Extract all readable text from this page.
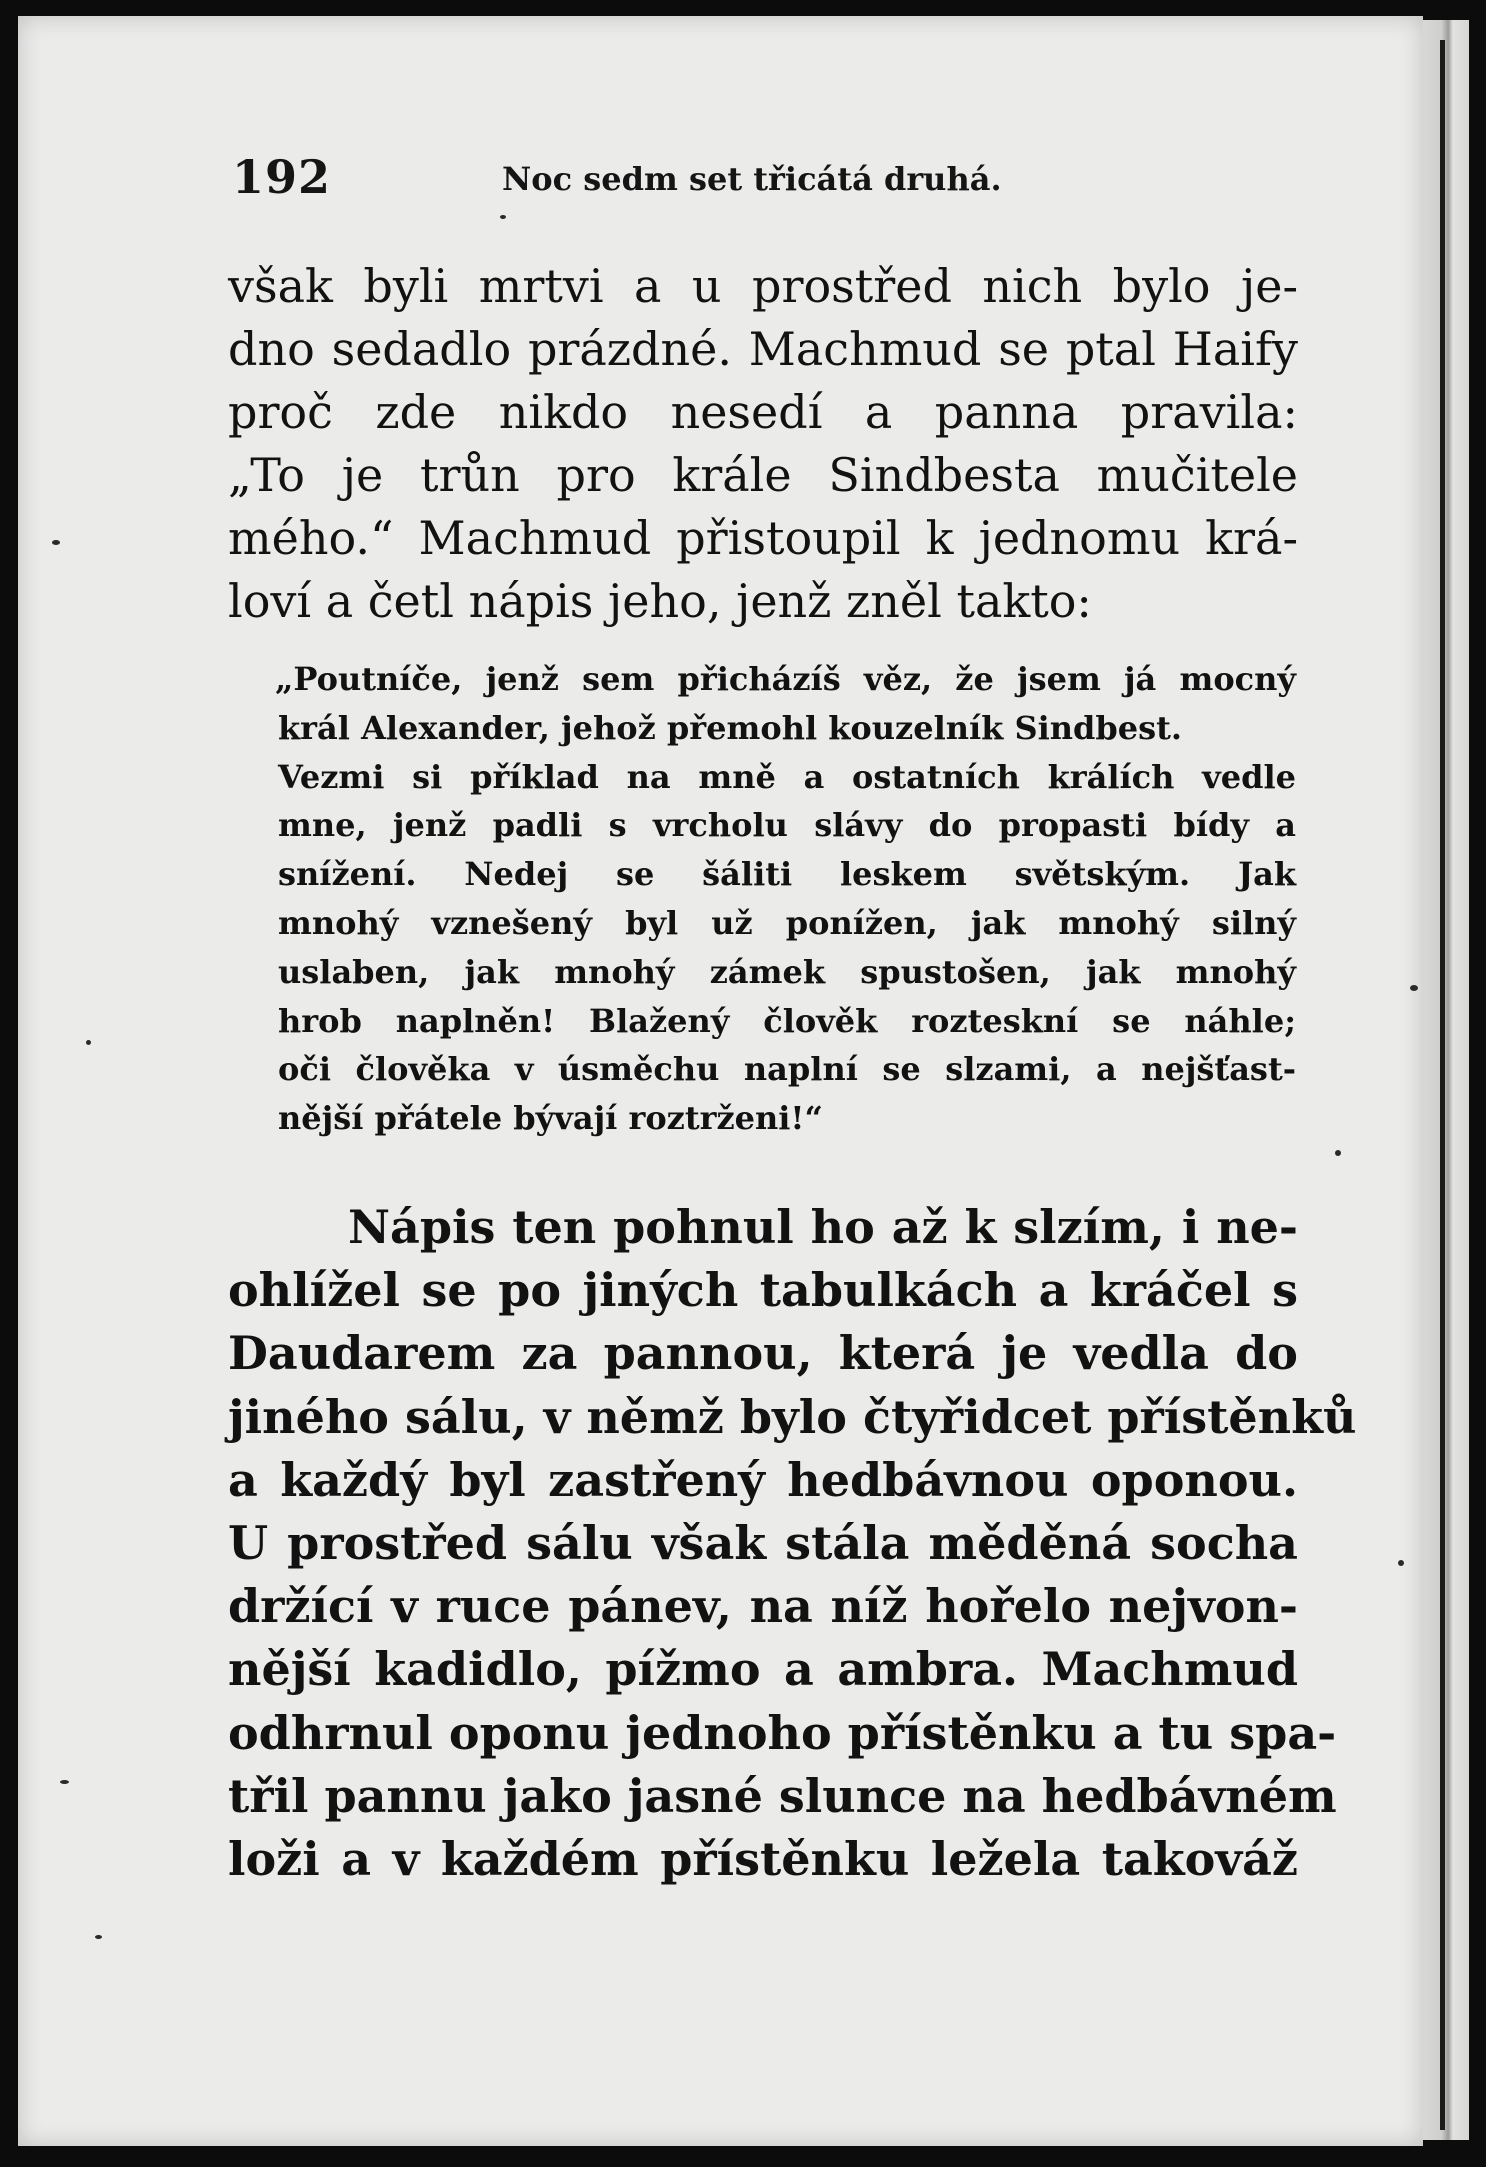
192	Noc sedm set třicátá druhá.
však byli mrtvi a u prostřed nich bylo je-
dno sedadlo prázdné. Machmud se ptal Haify
proč zde nikdo nesedí a panna pravila:
„To je trůn pro krále Sindbesta mučitele
mého.“ Machmud přistoupil k jednomu krá-
loví a četl nápis jeho, jenž zněl takto:
„Poutníče, jenž sem přicházíš věz, že jsem já mocný
král Alexander, jehož přemohl kouzelník Sindbest.
Vezmi si příklad na mně a ostatních králích vedle
mne, jenž padli s vrcholu slávy do propasti bídy a
snížení. Nedej se šáliti leskem světským. Jak
mnohý vznešený byl už ponížen, jak mnohý silný
uslaben, jak mnohý zámek spustošen, jak mnohý
hrob naplněn! Blažený člověk rozteskní se náhle;
oči člověka v úsměchu naplní se slzami, a nejšťast-
nější přátele bývají roztrženi!“
Nápis ten pohnul ho až k slzím, i ne-
ohlížel se po jiných tabulkách a kráčel s
Daudarem za pannou, která je vedla do
jiného sálu, v němž bylo čtyřidcet přístěnků
a každý byl zastřený hedbávnou oponou.
U prostřed sálu však stála měděná socha
držící v ruce pánev, na níž hořelo nejvon-
nější kadidlo, pížmo a ambra. Machmud
odhrnul oponu jednoho přístěnku a tu spa-
třil pannu jako jasné slunce na hedbávném
loži a v každém přístěnku ležela takováž
